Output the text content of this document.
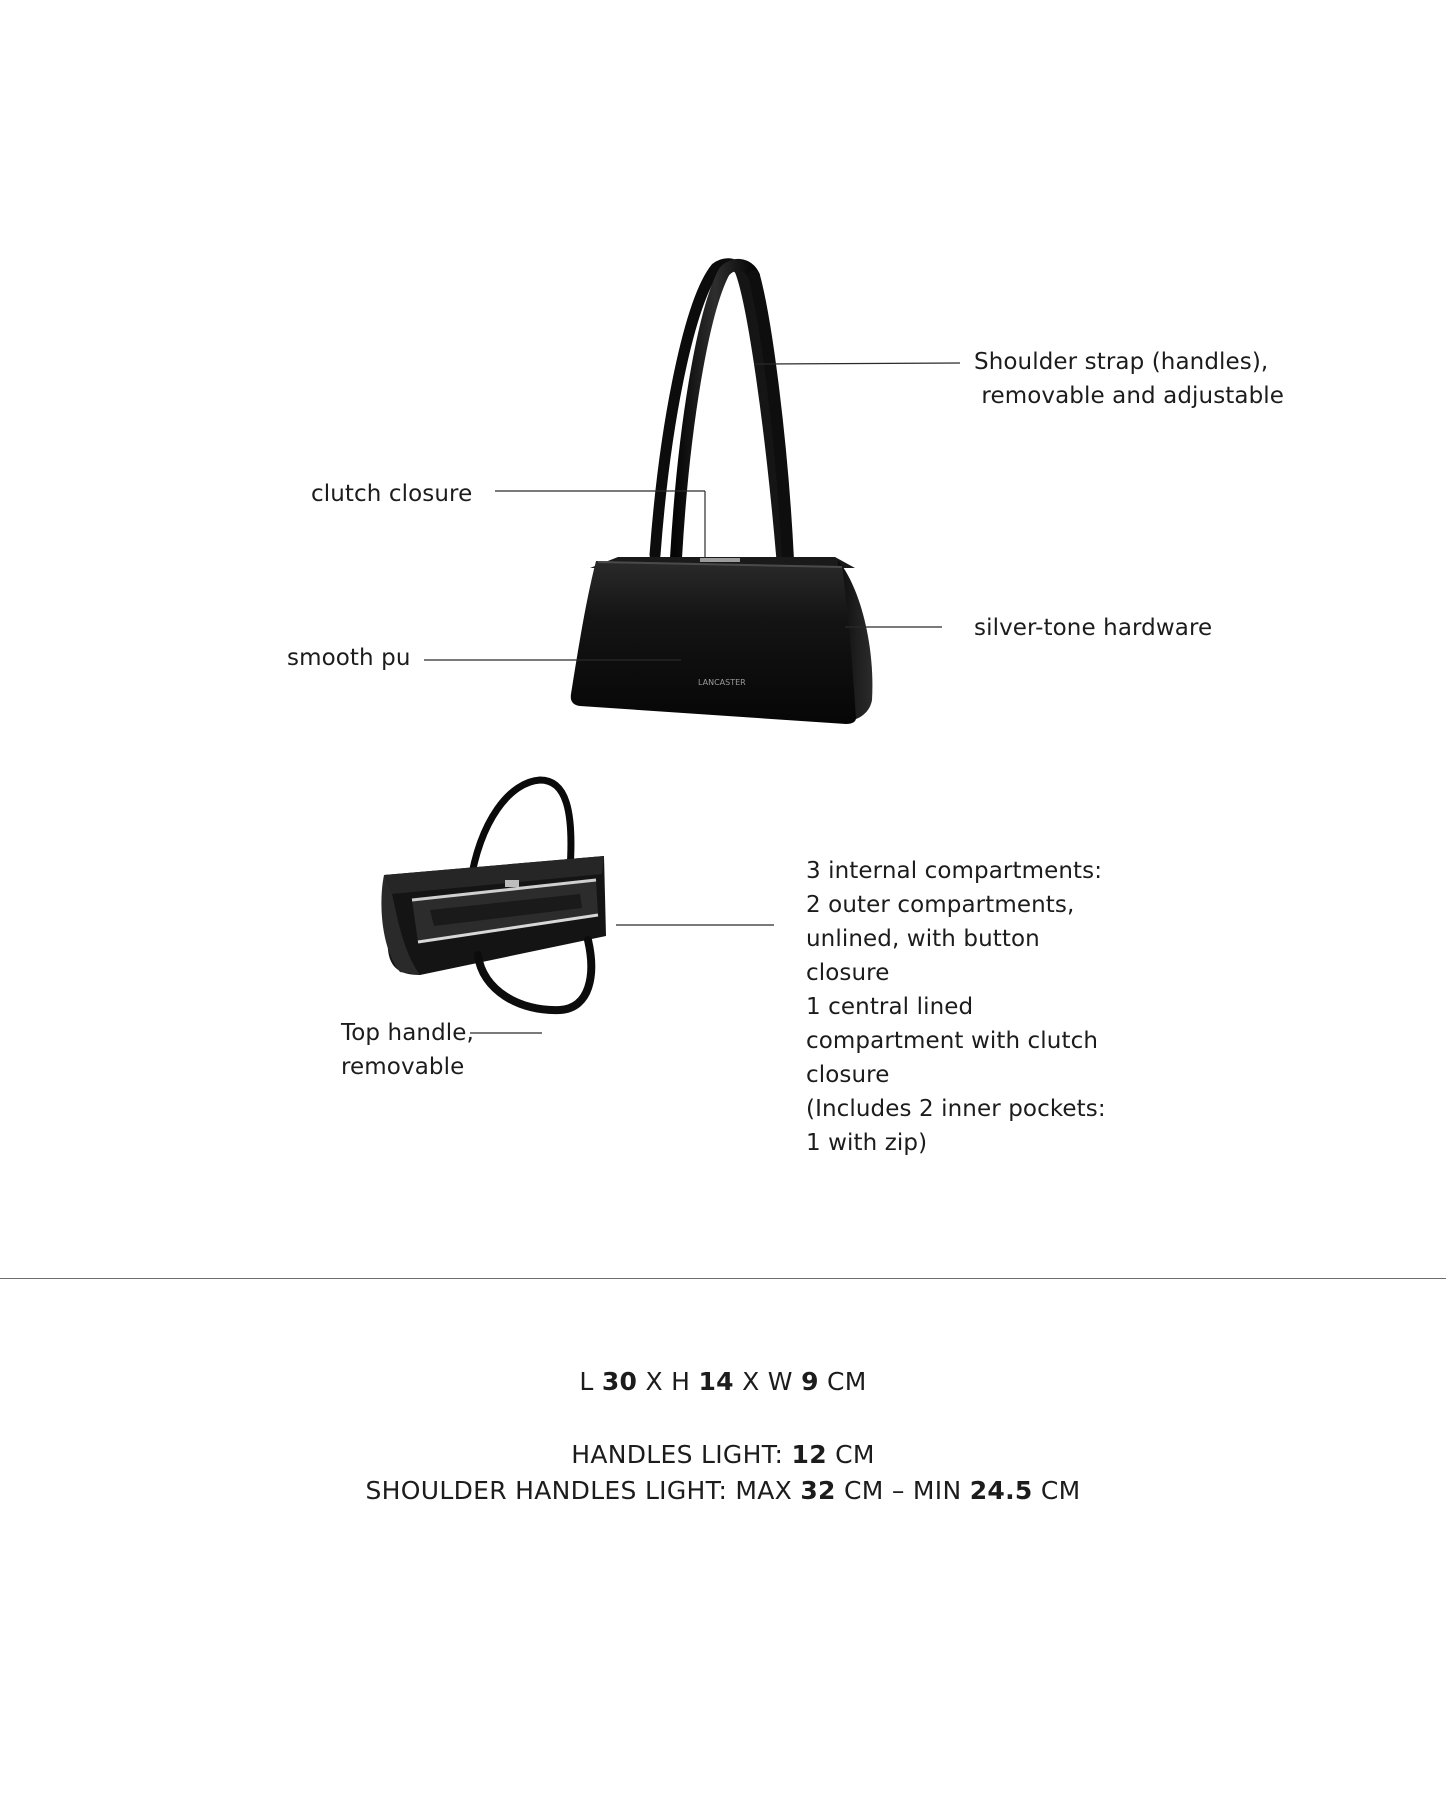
LANCASTER
Shoulder strap (handles),
removable and adjustable
clutch closure
silver-tone hardware
smooth pu
Top handle,
removable
3 internal compartments:
2 outer compartments,
unlined, with button
closure
1 central lined
compartment with clutch
closure
(Includes 2 inner pockets:
1 with zip)
L 30 X H 14 X W 9 CM
HANDLES LIGHT: 12 CM
SHOULDER HANDLES LIGHT: MAX 32 CM – MIN 24.5 CM
